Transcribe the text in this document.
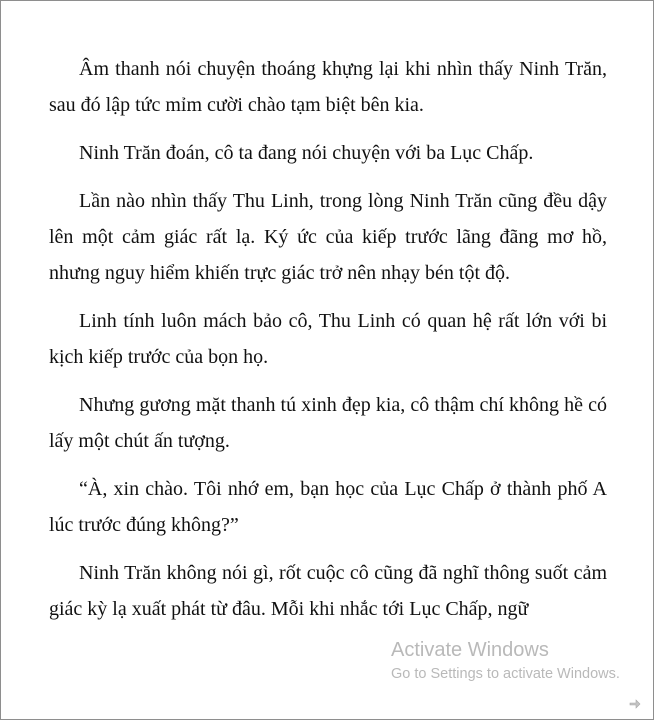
Âm thanh nói chuyện thoáng khựng lại khi nhìn thấy Ninh Trăn, sau đó lập tức mỉm cười chào tạm biệt bên kia.

Ninh Trăn đoán, cô ta đang nói chuyện với ba Lục Chấp.

Lần nào nhìn thấy Thu Linh, trong lòng Ninh Trăn cũng đều dậy lên một cảm giác rất lạ. Ký ức của kiếp trước lãng đãng mơ hồ, nhưng nguy hiểm khiến trực giác trở nên nhạy bén tột độ.

Linh tính luôn mách bảo cô, Thu Linh có quan hệ rất lớn với bi kịch kiếp trước của bọn họ.

Nhưng gương mặt thanh tú xinh đẹp kia, cô thậm chí không hề có lấy một chút ấn tượng.

“À, xin chào. Tôi nhớ em, bạn học của Lục Chấp ở thành phố A lúc trước đúng không?”

Ninh Trăn không nói gì, rốt cuộc cô cũng đã nghĩ thông suốt cảm giác kỳ lạ xuất phát từ đâu. Mỗi khi nhắc tới Lục Chấp, ngữ

Activate Windows
Go to Settings to activate Windows.
